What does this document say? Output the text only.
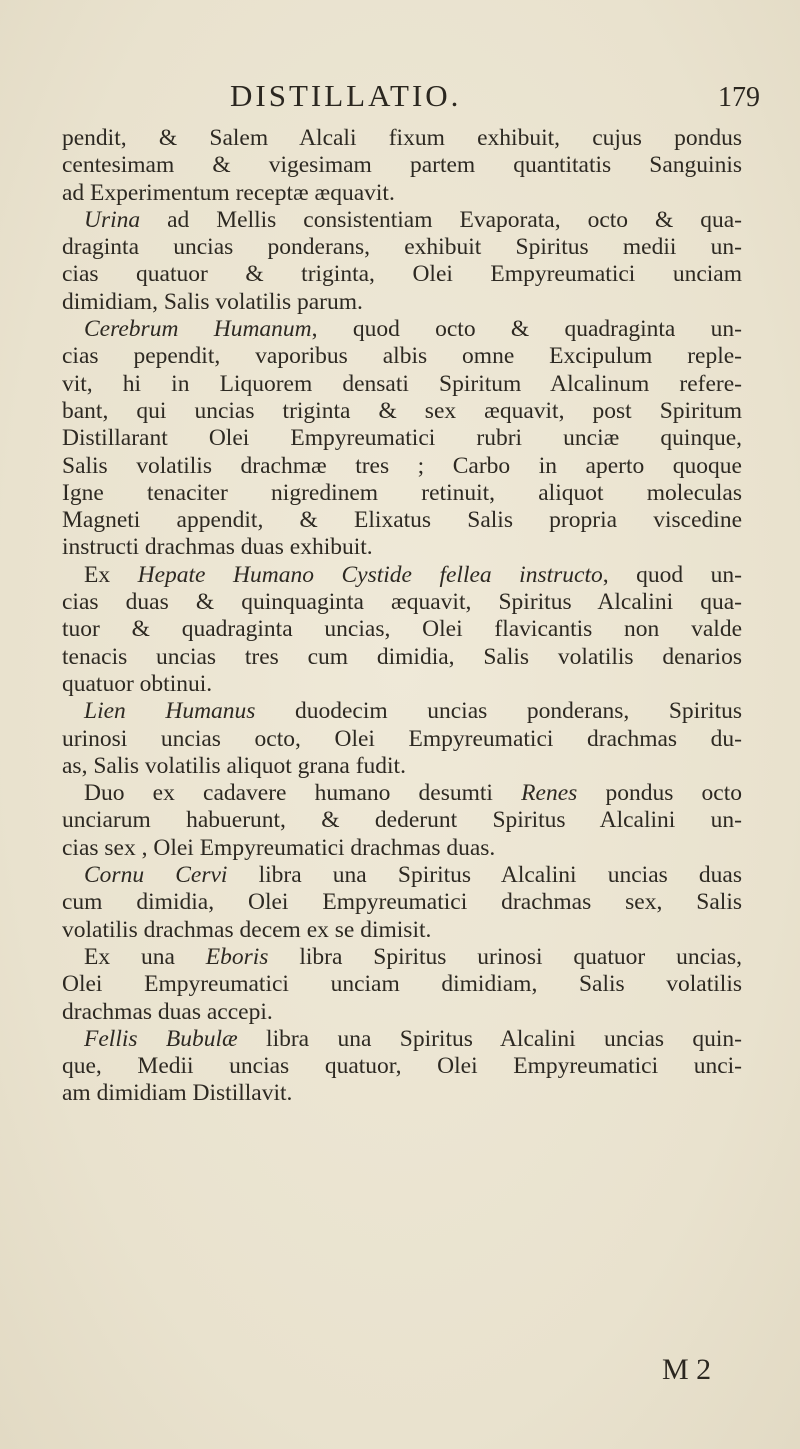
DISTILLATIO.	179
pendit, & Salem Alcali fixum exhibuit, cujus pondus
centesimam & vigesimam partem quantitatis Sanguinis
ad Experimentum receptæ æquavit.
Urina ad Mellis consistentiam Evaporata, octo & qua-
draginta uncias ponderans, exhibuit Spiritus medii un-
cias quatuor & triginta, Olei Empyreumatici unciam
dimidiam, Salis volatilis parum.
Cerebrum Humanum, quod octo & quadraginta un-
cias pependit, vaporibus albis omne Excipulum reple-
vit, hi in Liquorem densati Spiritum Alcalinum refere-
bant, qui uncias triginta & sex æquavit, post Spiritum
Distillarant Olei Empyreumatici rubri unciæ quinque,
Salis volatilis drachmæ tres ; Carbo in aperto quoque
Igne tenaciter nigredinem retinuit, aliquot moleculas
Magneti appendit, & Elixatus Salis propria viscedine
instructi drachmas duas exhibuit.
Ex Hepate Humano Cystide fellea instructo, quod un-
cias duas & quinquaginta æquavit, Spiritus Alcalini qua-
tuor & quadraginta uncias, Olei flavicantis non valde
tenacis uncias tres cum dimidia, Salis volatilis denarios
quatuor obtinui.
Lien Humanus duodecim uncias ponderans, Spiritus
urinosi uncias octo, Olei Empyreumatici drachmas du-
as, Salis volatilis aliquot grana fudit.
Duo ex cadavere humano desumti Renes pondus octo
unciarum habuerunt, & dederunt Spiritus Alcalini un-
cias sex , Olei Empyreumatici drachmas duas.
Cornu Cervi libra una Spiritus Alcalini uncias duas
cum dimidia, Olei Empyreumatici drachmas sex, Salis
volatilis drachmas decem ex se dimisit.
Ex una Eboris libra Spiritus urinosi quatuor uncias,
Olei Empyreumatici unciam dimidiam, Salis volatilis
drachmas duas accepi.
Fellis Bubulæ libra una Spiritus Alcalini uncias quin-
que, Medii uncias quatuor, Olei Empyreumatici unci-
am dimidiam Distillavit.
M 2
